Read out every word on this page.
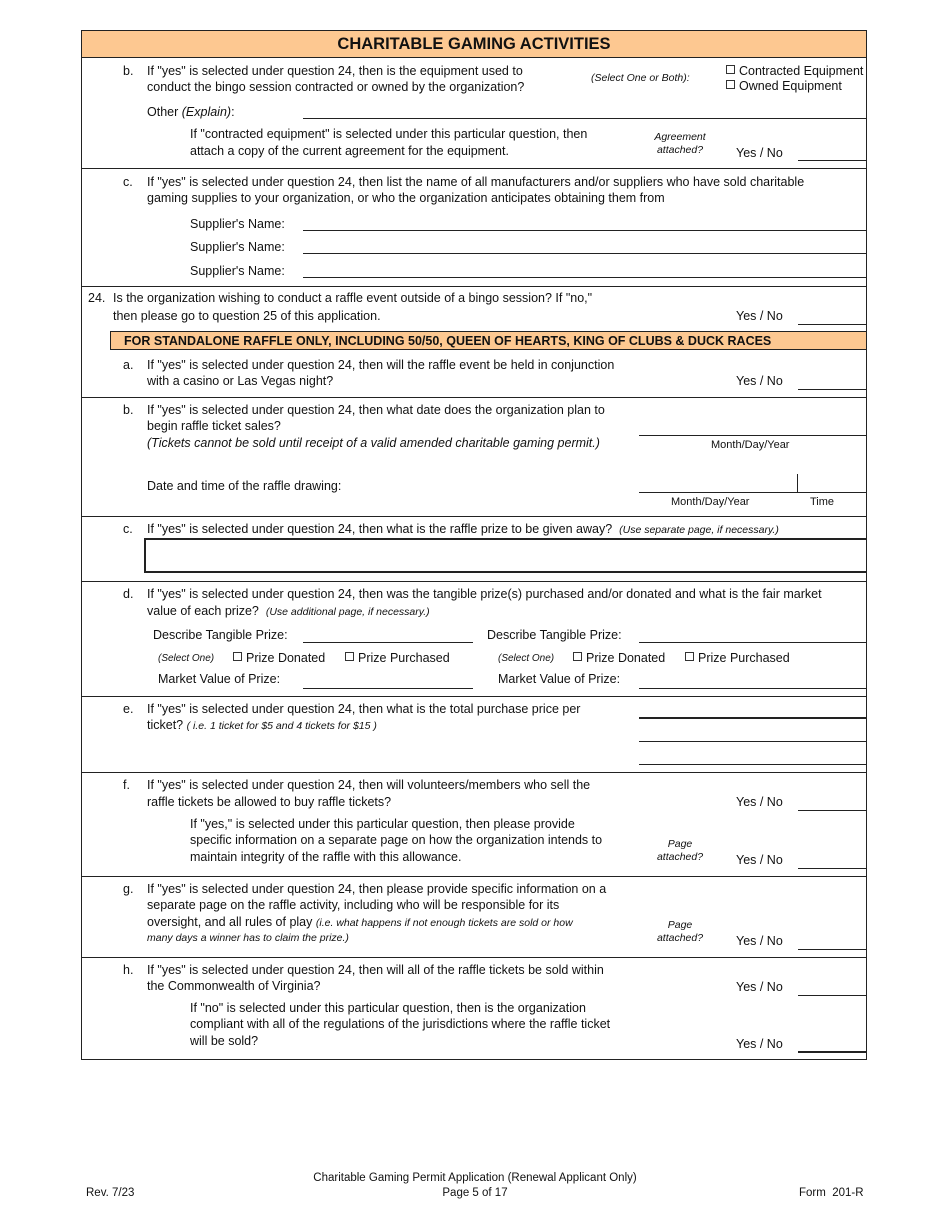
CHARITABLE GAMING ACTIVITIES
b. If "yes" is selected under question 24, then is the equipment used to
conduct the bingo session contracted or owned by the organization?
(Select One or Both):	Contracted Equipment
Owned Equipment
Other (Explain):
If "contracted equipment" is selected under this particular question, then
attach a copy of the current agreement for the equipment.
Agreement
attached?	Yes / No
c. If "yes" is selected under question 24, then list the name of all manufacturers and/or suppliers who have sold charitable
gaming supplies to your organization, or who the organization anticipates obtaining them from
Supplier's Name:
Supplier's Name:
Supplier's Name:
24. Is the organization wishing to conduct a raffle event outside of a bingo session? If "no,"
then please go to question 25 of this application.	Yes / No
FOR STANDALONE RAFFLE ONLY, INCLUDING 50/50, QUEEN OF HEARTS, KING OF CLUBS & DUCK RACES
a. If "yes" is selected under question 24, then will the raffle event be held in conjunction
with a casino or Las Vegas night?	Yes / No
b. If "yes" is selected under question 24, then what date does the organization plan to
begin raffle ticket sales?
(Tickets cannot be sold until receipt of a valid amended charitable gaming permit.)	Month/Day/Year
Date and time of the raffle drawing:
Month/Day/Year	Time
c. If "yes" is selected under question 24, then what is the raffle prize to be given away? (Use separate page, if necessary.)
d. If "yes" is selected under question 24, then was the tangible prize(s) purchased and/or donated and what is the fair market
value of each prize? (Use additional page, if necessary.)
Describe Tangible Prize:	Describe Tangible Prize:
(Select One)	Prize Donated	Prize Purchased	(Select One)	Prize Donated	Prize Purchased
Market Value of Prize:	Market Value of Prize:
e. If "yes" is selected under question 24, then what is the total purchase price per
ticket? ( i.e. 1 ticket for $5 and 4 tickets for $15 )
f. If "yes" is selected under question 24, then will volunteers/members who sell the
raffle tickets be allowed to buy raffle tickets?	Yes / No
If "yes," is selected under this particular question, then please provide
specific information on a separate page on how the organization intends to
maintain integrity of the raffle with this allowance.
Page
attached?	Yes / No
g. If "yes" is selected under question 24, then please provide specific information on a
separate page on the raffle activity, including who will be responsible for its
oversight, and all rules of play (i.e. what happens if not enough tickets are sold or how
many days a winner has to claim the prize.)
Page
attached?	Yes / No
h. If "yes" is selected under question 24, then will all of the raffle tickets be sold within
the Commonwealth of Virginia?	Yes / No
If "no" is selected under this particular question, then is the organization
compliant with all of the regulations of the jurisdictions where the raffle ticket
will be sold?	Yes / No
Rev. 7/23
Charitable Gaming Permit Application (Renewal Applicant Only)
Page 5 of 17	Form  201-R
